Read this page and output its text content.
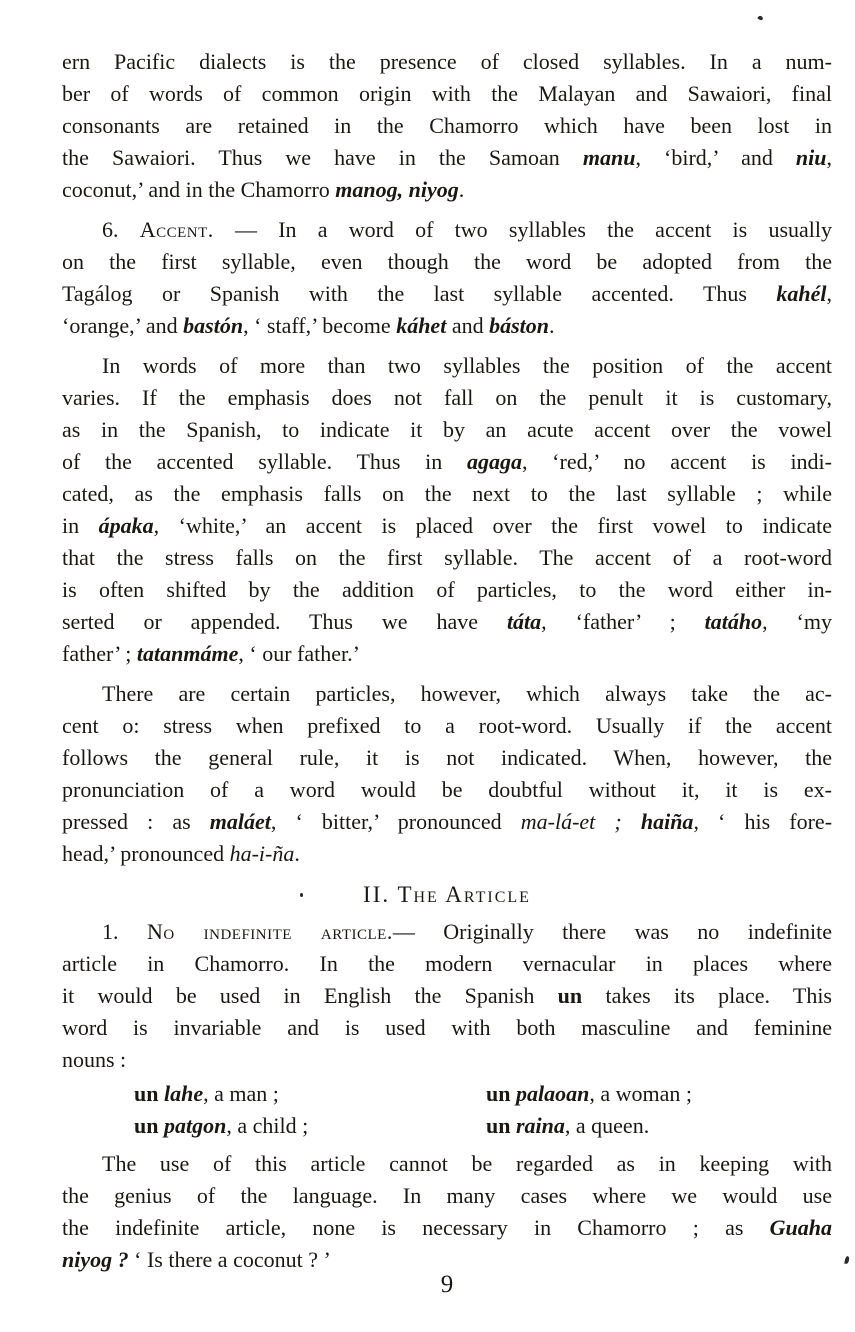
ern Pacific dialects is the presence of closed syllables. In a num-
ber of words of common origin with the Malayan and Sawaiori, final
consonants are retained in the Chamorro which have been lost in
the Sawaiori. Thus we have in the Samoan manu, ‘bird,’ and niu,
coconut,’ and in the Chamorro manog, niyog.
6. Accent. — In a word of two syllables the accent is usually
on the first syllable, even though the word be adopted from the
Tagálog or Spanish with the last syllable accented. Thus kahél,
‘orange,’ and bastón, ‘ staff,’ become káhet and báston.
In words of more than two syllables the position of the accent
varies. If the emphasis does not fall on the penult it is customary,
as in the Spanish, to indicate it by an acute accent over the vowel
of the accented syllable. Thus in agaga, ‘red,’ no accent is indi-
cated, as the emphasis falls on the next to the last syllable ; while
in ápaka, ‘white,’ an accent is placed over the first vowel to indicate
that the stress falls on the first syllable. The accent of a root-word
is often shifted by the addition of particles, to the word either in-
serted or appended. Thus we have táta, ‘father’ ; tatáho, ‘my
father’ ; tatanmáme, ‘ our father.’
There are certain particles, however, which always take the ac-
cent o: stress when prefixed to a root-word. Usually if the accent
follows the general rule, it is not indicated. When, however, the
pronunciation of a word would be doubtful without it, it is ex-
pressed : as maláet, ‘ bitter,’ pronounced ma-lá-et ; haiña, ‘ his fore-
head,’ pronounced ha-i-ña.
II. The Article
1. No indefinite article.— Originally there was no indefinite
article in Chamorro. In the modern vernacular in places where
it would be used in English the Spanish un takes its place. This
word is invariable and is used with both masculine and feminine
nouns :
un lahe, a man ;
un patgon, a child ;
un palaoan, a woman ;
un raina, a queen.
The use of this article cannot be regarded as in keeping with
the genius of the language. In many cases where we would use
the indefinite article, none is necessary in Chamorro ; as Guaha
niyog ? ‘ Is there a coconut ? ’
9
